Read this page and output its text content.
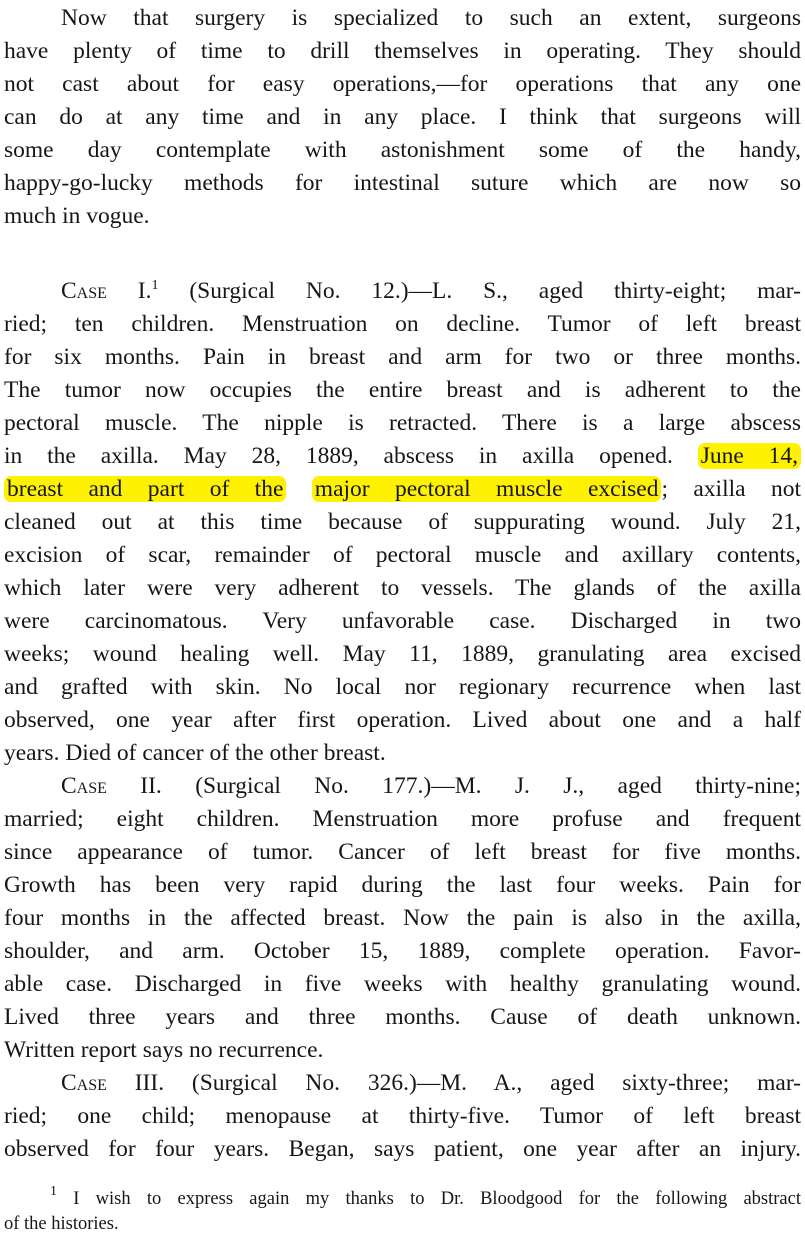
Now that surgery is specialized to such an extent, surgeons
have plenty of time to drill themselves in operating. They should
not cast about for easy operations,—for operations that any one
can do at any time and in any place. I think that surgeons will
some day contemplate with astonishment some of the handy,
happy-go-lucky methods for intestinal suture which are now so
much in vogue.
Case I.$^1$ (Surgical No. 12.)—L. S., aged thirty-eight; mar-
ried; ten children. Menstruation on decline. Tumor of left breast
for six months. Pain in breast and arm for two or three months.
The tumor now occupies the entire breast and is adherent to the
pectoral muscle. The nipple is retracted. There is a large abscess
in the axilla. May 28, 1889, abscess in axilla opened. June 14,
breast and part of the major pectoral muscle excised ; axilla not
cleaned out at this time because of suppurating wound. July 21,
excision of scar, remainder of pectoral muscle and axillary contents,
which later were very adherent to vessels. The glands of the axilla
were carcinomatous. Very unfavorable case. Discharged in two
weeks; wound healing well. May 11, 1889, granulating area excised
and grafted with skin. No local nor regionary recurrence when last
observed, one year after first operation. Lived about one and a half
years. Died of cancer of the other breast.
Case II. (Surgical No. 177.)—M. J. J., aged thirty-nine;
married; eight children. Menstruation more profuse and frequent
since appearance of tumor. Cancer of left breast for five months.
Growth has been very rapid during the last four weeks. Pain for
four months in the affected breast. Now the pain is also in the axilla,
shoulder, and arm. October 15, 1889, complete operation. Favor-
able case. Discharged in five weeks with healthy granulating wound.
Lived three years and three months. Cause of death unknown.
Written report says no recurrence.
Case III. (Surgical No. 326.)—M. A., aged sixty-three; mar-
ried; one child; menopause at thirty-five. Tumor of left breast
observed for four years. Began, says patient, one year after an injury.
$^1$ I wish to express again my thanks to Dr. Bloodgood for the following abstract
of the histories.
